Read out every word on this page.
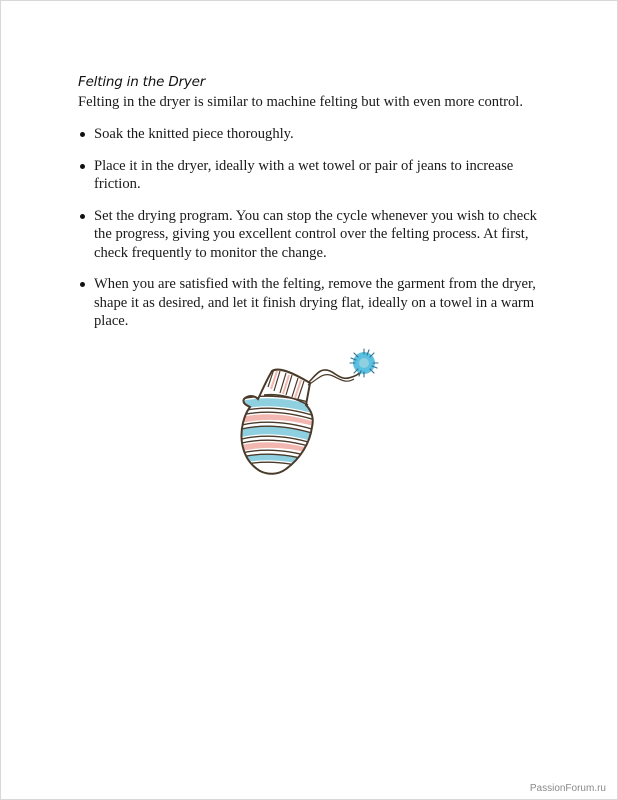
Felting in the Dryer

Felting in the dryer is similar to machine felting but with even more control.

Soak the knitted piece thoroughly.
Place it in the dryer, ideally with a wet towel or pair of jeans to increase friction.
Set the drying program. You can stop the cycle whenever you wish to check the progress, giving you excellent control over the felting process. At first, check frequently to monitor the change.
When you are satisfied with the felting, remove the garment from the dryer, shape it as desired, and let it finish drying flat, ideally on a towel in a warm place.
PassionForum.ru
